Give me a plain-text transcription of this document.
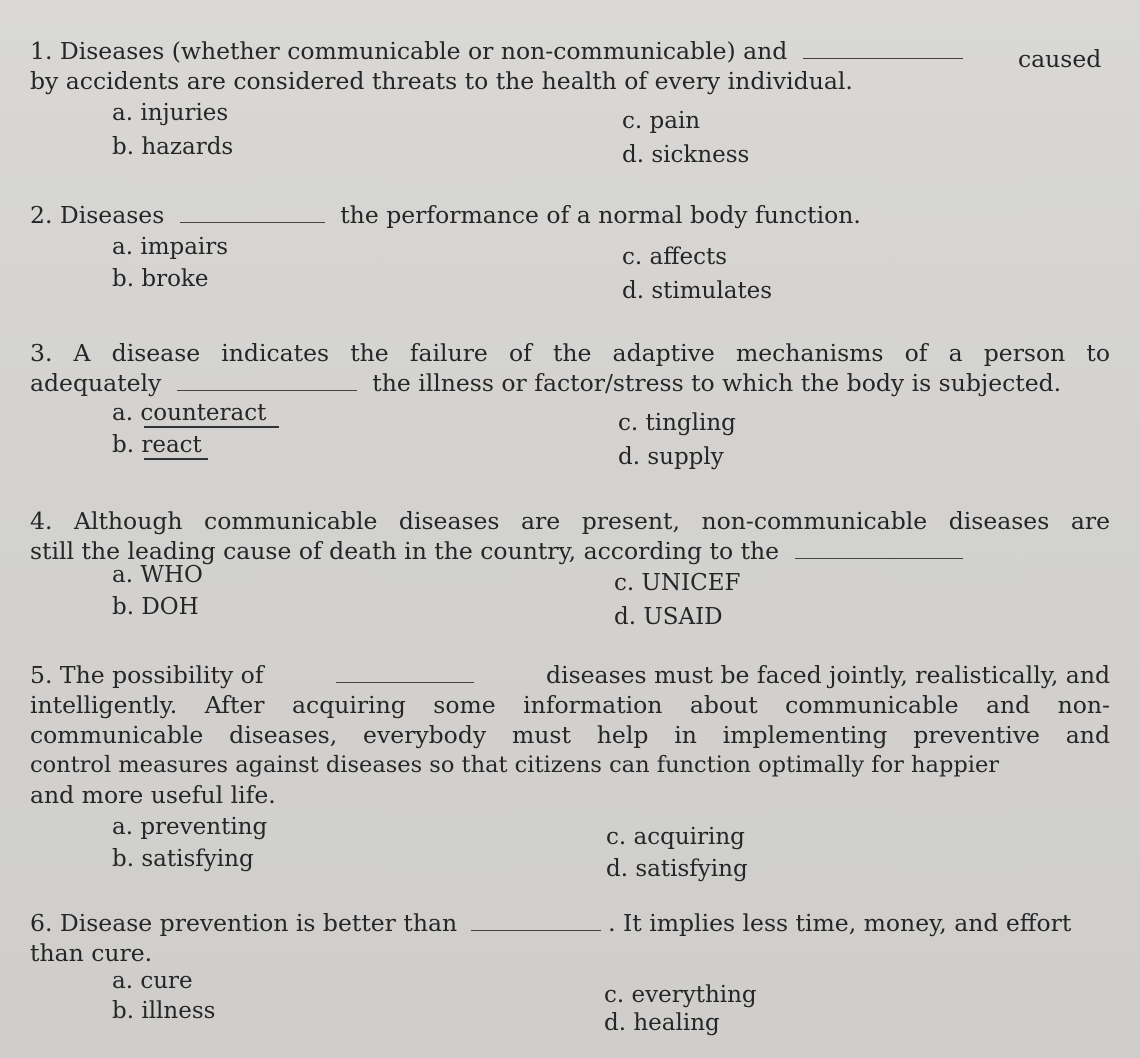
1. Diseases (whether communicable or non-communicable) and	caused
by accidents are considered threats to the health of every individual.
a. injuries
b. hazards
c. pain
d. sickness
2. Diseases	the performance of a normal body function.
a. impairs
b. broke
c. affects
d. stimulates
3. A disease indicates the failure of the adaptive mechanisms of a person to
adequately	the illness or factor/stress to which the body is subjected.
a. counteract
b. react
c. tingling
d. supply
4. Although communicable diseases are present, non-communicable diseases are
still the leading cause of death in the country, according to the
a. WHO
b. DOH
c. UNICEF
d. USAID
5. The possibility of	diseases must be faced jointly, realistically, and
intelligently. After acquiring some information about communicable and non-
communicable diseases, everybody must help in implementing preventive and
control measures against diseases so that citizens can function optimally for happier
and more useful life.
a. preventing
b. satisfying
c. acquiring
d. satisfying
6. Disease prevention is better than	. It implies less time, money, and effort
than cure.
a. cure
b. illness
c. everything
d. healing
